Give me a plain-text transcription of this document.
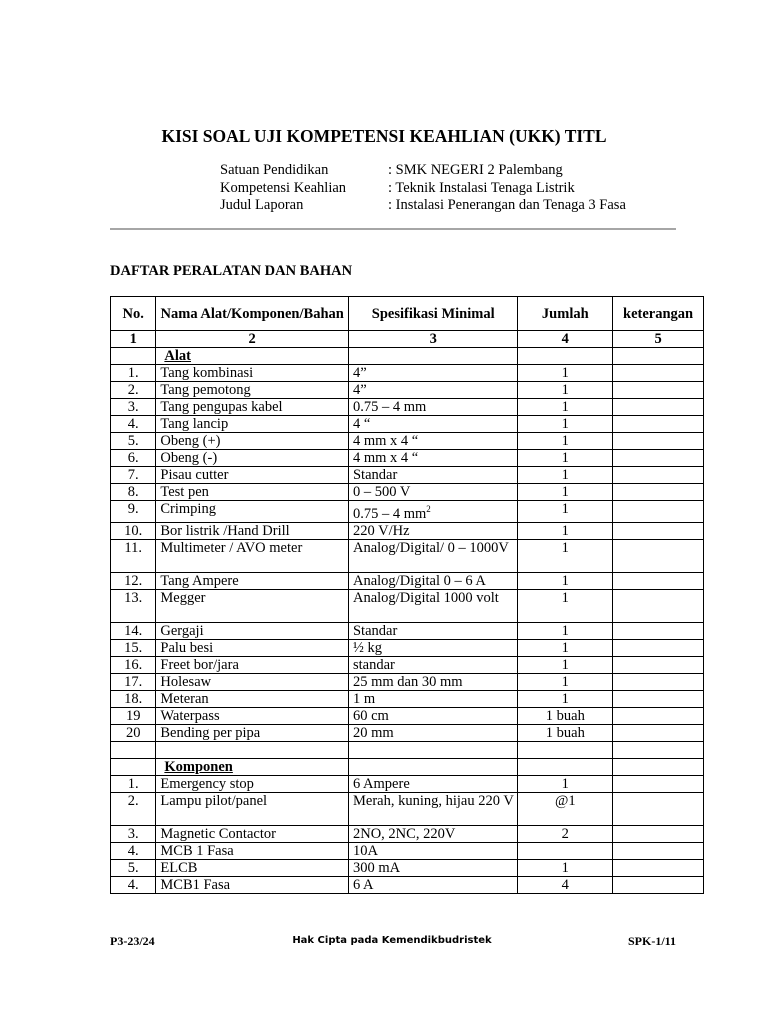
KISI SOAL UJI KOMPETENSI KEAHLIAN (UKK) TITL
Satuan Pendidikan	: SMK NEGERI 2 Palembang
Kompetensi Keahlian	: Teknik Instalasi Tenaga Listrik
Judul Laporan	: Instalasi Penerangan dan Tenaga 3 Fasa
DAFTAR PERALATAN DAN BAHAN
No.	Nama Alat/Komponen/Bahan	Spesifikasi Minimal	Jumlah	keterangan
1	2	3	4	5
	Alat			
1.	Tang kombinasi	4”	1	
2.	Tang pemotong	4”	1	
3.	Tang pengupas kabel	0.75 – 4 mm	1	
4.	Tang lancip	4 “	1	
5.	Obeng (+)	4 mm x 4 “	1	
6.	Obeng (-)	4 mm x 4 “	1	
7.	Pisau cutter	Standar	1	
8.	Test pen	0 – 500 V	1	
9.	Crimping	0.75 – 4 $mm^2$	1	
10.	Bor listrik /Hand Drill	220 V/Hz	1	
11.	Multimeter / AVO meter	Analog/Digital/ 0 – 1000V	1	
12.	Tang Ampere	Analog/Digital 0 – 6 A	1	
13.	Megger	Analog/Digital 1000 volt	1	
14.	Gergaji	Standar	1	
15.	Palu besi	½ kg	1	
16.	Freet bor/jara	standar	1	
17.	Holesaw	25 mm dan 30 mm	1	
18.	Meteran	1 m	1	
19	Waterpass	60 cm	1 buah	
20	Bending per pipa	20 mm	1 buah	

	Komponen			
1.	Emergency stop	6 Ampere	1	
2.	Lampu pilot/panel	Merah, kuning, hijau 220 V	@1	
3.	Magnetic Contactor	2NO, 2NC, 220V	2	
4.	MCB 1 Fasa	10A		
5.	ELCB	300 mA	1	
4.	MCB1 Fasa	6 A	4	
P3-23/24	Hak Cipta pada Kemendikbudristek	SPK-1/11
